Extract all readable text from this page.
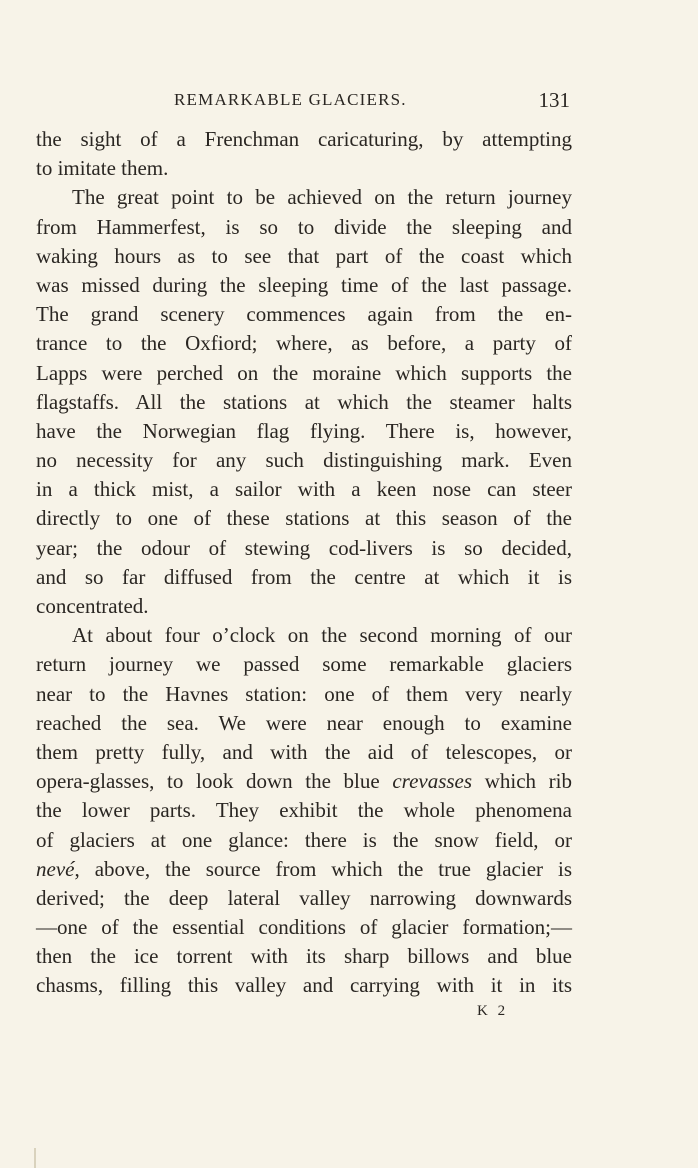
REMARKABLE GLACIERS.	131
the sight of a Frenchman caricaturing, by attempting
to imitate them.
The great point to be achieved on the return journey
from Hammerfest, is so to divide the sleeping and
waking hours as to see that part of the coast which
was missed during the sleeping time of the last passage.
The grand scenery commences again from the en-
trance to the Oxfiord; where, as before, a party of
Lapps were perched on the moraine which supports the
flagstaffs. All the stations at which the steamer halts
have the Norwegian flag flying. There is, however,
no necessity for any such distinguishing mark. Even
in a thick mist, a sailor with a keen nose can steer
directly to one of these stations at this season of the
year; the odour of stewing cod-livers is so decided,
and so far diffused from the centre at which it is
concentrated.
At about four o’clock on the second morning of our
return journey we passed some remarkable glaciers
near to the Havnes station: one of them very nearly
reached the sea. We were near enough to examine
them pretty fully, and with the aid of telescopes, or
opera-glasses, to look down the blue crevasses which rib
the lower parts. They exhibit the whole phenomena
of glaciers at one glance: there is the snow field, or
nevé, above, the source from which the true glacier is
derived; the deep lateral valley narrowing downwards
—one of the essential conditions of glacier formation;—
then the ice torrent with its sharp billows and blue
chasms, filling this valley and carrying with it in its
K 2
